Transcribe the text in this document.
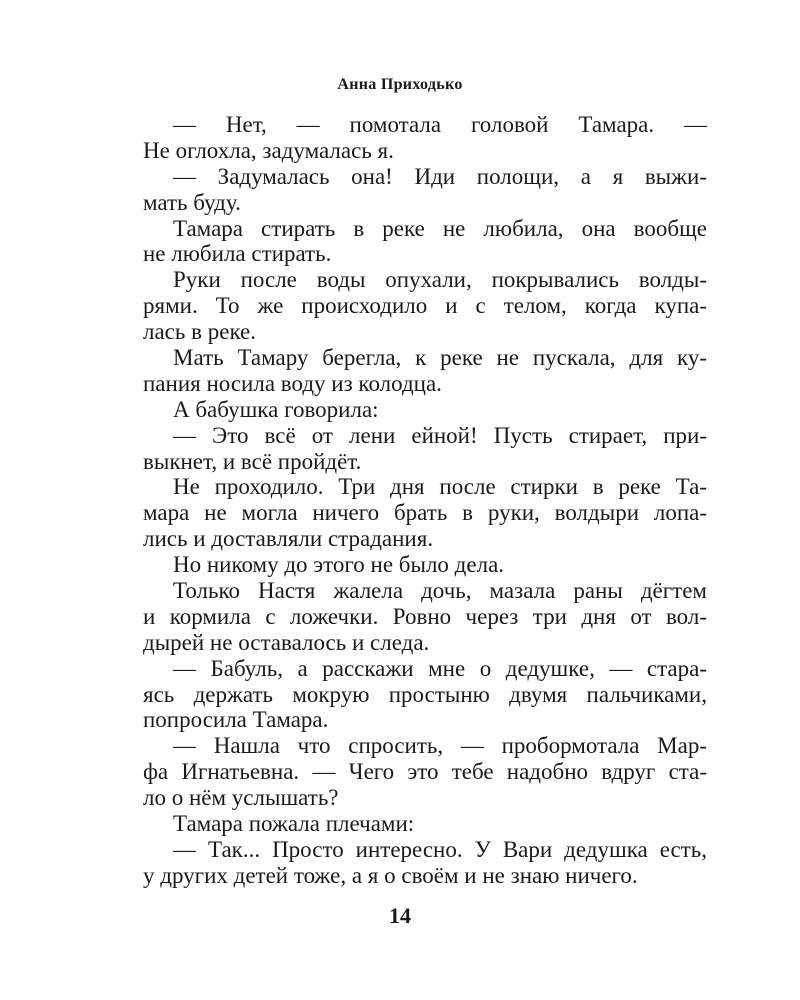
Анна Приходько
— Нет, — помотала головой Тамара. —
Не оглохла, задумалась я.
— Задумалась она! Иди полощи, а я выжи-
мать буду.
Тамара стирать в реке не любила, она вообще
не любила стирать.
Руки после воды опухали, покрывались волды-
рями. То же происходило и с телом, когда купа-
лась в реке.
Мать Тамару берегла, к реке не пускала, для ку-
пания носила воду из колодца.
А бабушка говорила:
— Это всё от лени ейной! Пусть стирает, при-
выкнет, и всё пройдёт.
Не проходило. Три дня после стирки в реке Та-
мара не могла ничего брать в руки, волдыри лопа-
лись и доставляли страдания.
Но никому до этого не было дела.
Только Настя жалела дочь, мазала раны дёгтем
и кормила с ложечки. Ровно через три дня от вол-
дырей не оставалось и следа.
— Бабуль, а расскажи мне о дедушке, — стара-
ясь держать мокрую простыню двумя пальчиками,
попросила Тамара.
— Нашла что спросить, — пробормотала Мар-
фа Игнатьевна. — Чего это тебе надобно вдруг ста-
ло о нём услышать?
Тамара пожала плечами:
— Так... Просто интересно. У Вари дедушка есть,
у других детей тоже, а я о своём и не знаю ничего.
14
